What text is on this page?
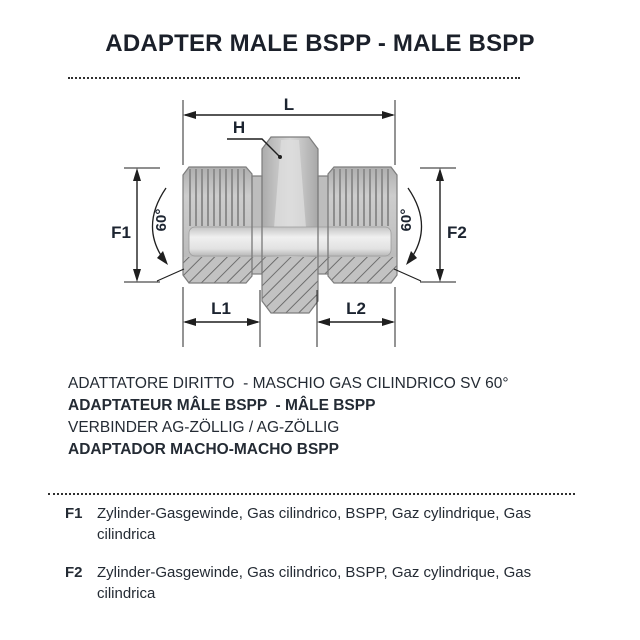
ADAPTER MALE BSPP - MALE BSPP
L
H
F1	F2
60°	60°
L1	L2
ADATTATORE DIRITTO  - MASCHIO GAS CILINDRICO SV 60°
ADAPTATEUR MÂLE BSPP  - MÂLE BSPP
VERBINDER AG-ZÖLLIG / AG-ZÖLLIG
ADAPTADOR MACHO-MACHO BSPP
F1 Zylinder-Gasgewinde, Gas cilindrico, BSPP, Gaz cylindrique, Gas cilindrica
F2 Zylinder-Gasgewinde, Gas cilindrico, BSPP, Gaz cylindrique, Gas cilindrica
